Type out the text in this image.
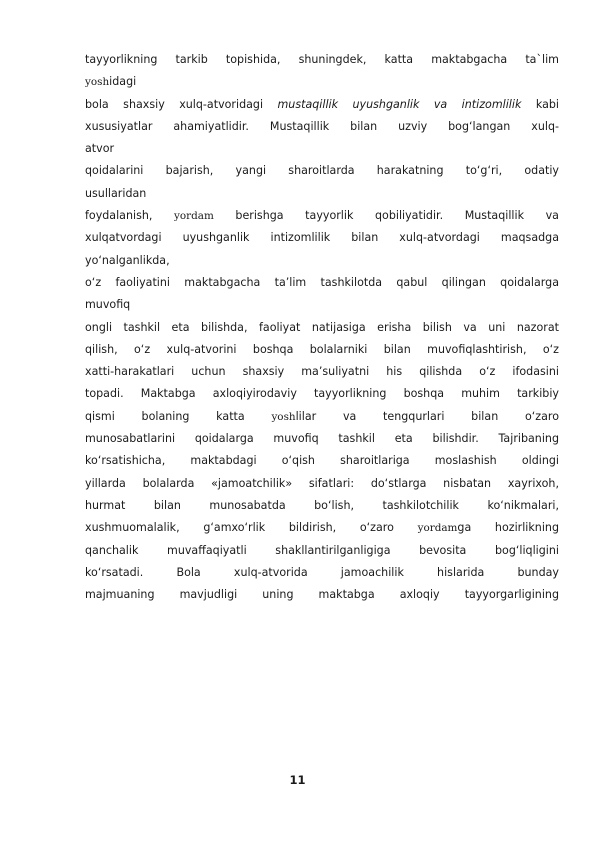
tayyorlikning tarkib topishida, shuningdek, katta maktabgacha ta`lim
yoshidagi
bola shaxsiy xulq-atvoridagi mustaqillik uyushganlik va intizomlilik kabi
xususiyatlar ahamiyatlidir. Mustaqillik bilan uzviy bog‘langan xulq-
atvor
qoidalarini bajarish, yangi sharoitlarda harakatning to‘g‘ri, odatiy
usullaridan
foydalanish, yordam berishga tayyorlik qobiliyatidir. Mustaqillik va
xulqatvordagi uyushganlik intizomlilik bilan xulq-atvordagi maqsadga
yo‘nalganlikda,
o‘z faoliyatini maktabgacha ta’lim tashkilotda qabul qilingan qoidalarga
muvofiq
ongli tashkil eta bilishda, faoliyat natijasiga erisha bilish va uni nazorat
qilish, o‘z xulq-atvorini boshqa bolalarniki bilan muvofiqlashtirish, o‘z
xatti-harakatlari uchun shaxsiy ma’suliyatni his qilishda o‘z ifodasini
topadi. Maktabga axloqiyirodaviy tayyorlikning boshqa muhim tarkibiy
qismi bolaning katta yoshlilar va tengqurlari bilan o‘zaro
munosabatlarini qoidalarga muvofiq tashkil eta bilishdir. Tajribaning
ko‘rsatishicha, maktabdagi o‘qish sharoitlariga moslashish oldingi
yillarda bolalarda «jamoatchilik» sifatlari: do‘stlarga nisbatan xayrixoh,
hurmat bilan munosabatda bo‘lish, tashkilotchilik ko‘nikmalari,
xushmuomalalik, g‘amxo‘rlik bildirish, o‘zaro yordamga hozirlikning
qanchalik muvaffaqiyatli shakllantirilganligiga bevosita bog‘liqligini
ko‘rsatadi. Bola xulq-atvorida jamoachilik hislarida bunday
majmuaning mavjudligi uning maktabga axloqiy tayyorgarligining
11
